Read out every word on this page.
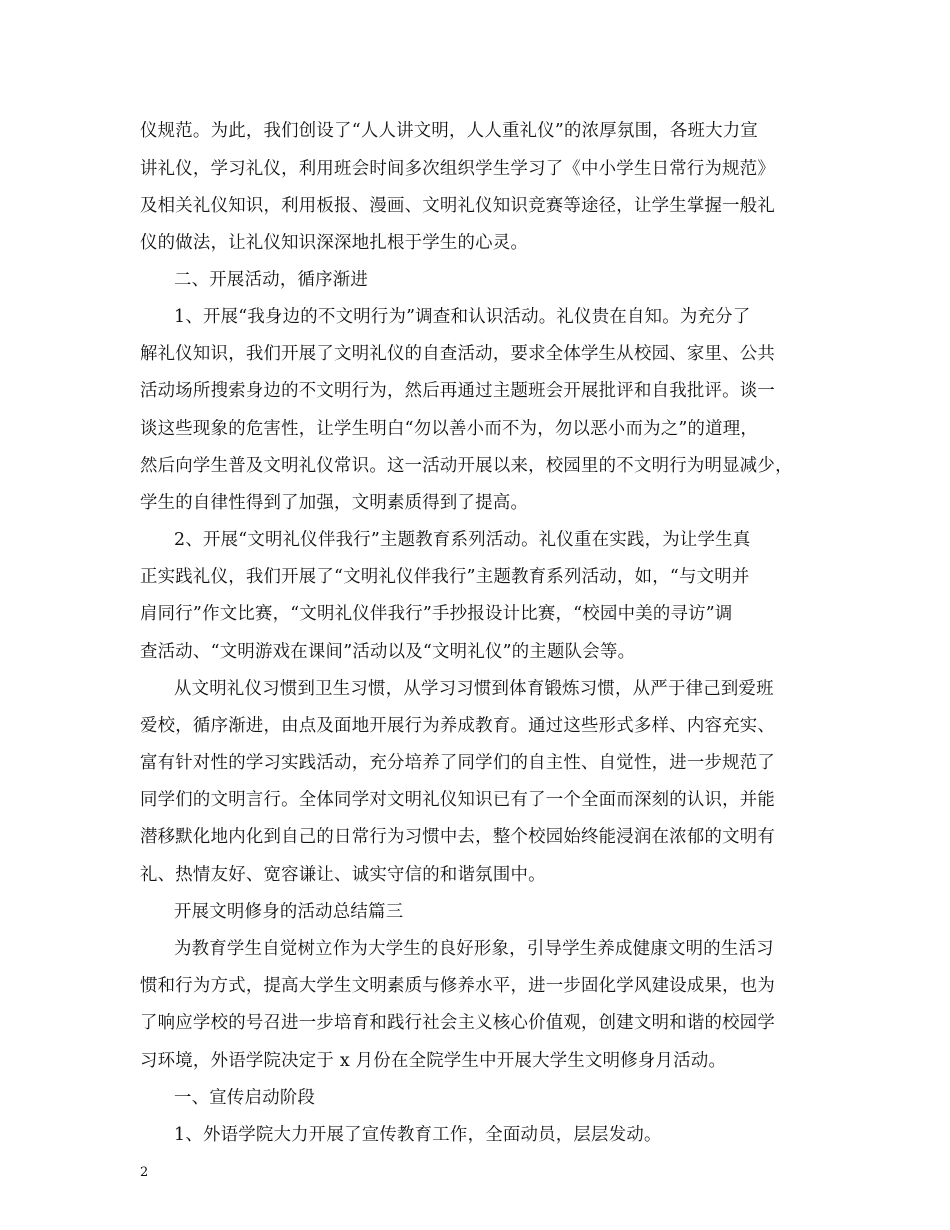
仪规范。为此，我们创设了“人人讲文明，人人重礼仪”的浓厚氛围，各班大力宣
讲礼仪，学习礼仪，利用班会时间多次组织学生学习了《中小学生日常行为规范》
及相关礼仪知识，利用板报、漫画、文明礼仪知识竞赛等途径，让学生掌握一般礼
仪的做法，让礼仪知识深深地扎根于学生的心灵。
二、开展活动，循序渐进
1、开展“我身边的不文明行为”调查和认识活动。礼仪贵在自知。为充分了
解礼仪知识，我们开展了文明礼仪的自查活动，要求全体学生从校园、家里、公共
活动场所搜索身边的不文明行为，然后再通过主题班会开展批评和自我批评。谈一
谈这些现象的危害性，让学生明白“勿以善小而不为，勿以恶小而为之”的道理，
然后向学生普及文明礼仪常识。这一活动开展以来，校园里的不文明行为明显减少，
学生的自律性得到了加强，文明素质得到了提高。
2、开展“文明礼仪伴我行”主题教育系列活动。礼仪重在实践，为让学生真
正实践礼仪，我们开展了“文明礼仪伴我行”主题教育系列活动，如，“与文明并
肩同行”作文比赛，“文明礼仪伴我行”手抄报设计比赛，“校园中美的寻访”调
查活动、“文明游戏在课间”活动以及“文明礼仪”的主题队会等。
从文明礼仪习惯到卫生习惯，从学习习惯到体育锻炼习惯，从严于律己到爱班
爱校，循序渐进，由点及面地开展行为养成教育。通过这些形式多样、内容充实、
富有针对性的学习实践活动，充分培养了同学们的自主性、自觉性，进一步规范了
同学们的文明言行。全体同学对文明礼仪知识已有了一个全面而深刻的认识，并能
潜移默化地内化到自己的日常行为习惯中去，整个校园始终能浸润在浓郁的文明有
礼、热情友好、宽容谦让、诚实守信的和谐氛围中。
开展文明修身的活动总结篇三
为教育学生自觉树立作为大学生的良好形象，引导学生养成健康文明的生活习
惯和行为方式，提高大学生文明素质与修养水平，进一步固化学风建设成果，也为
了响应学校的号召进一步培育和践行社会主义核心价值观，创建文明和谐的校园学
习环境，外语学院决定于 x 月份在全院学生中开展大学生文明修身月活动。
一、宣传启动阶段
1、外语学院大力开展了宣传教育工作，全面动员，层层发动。
2
